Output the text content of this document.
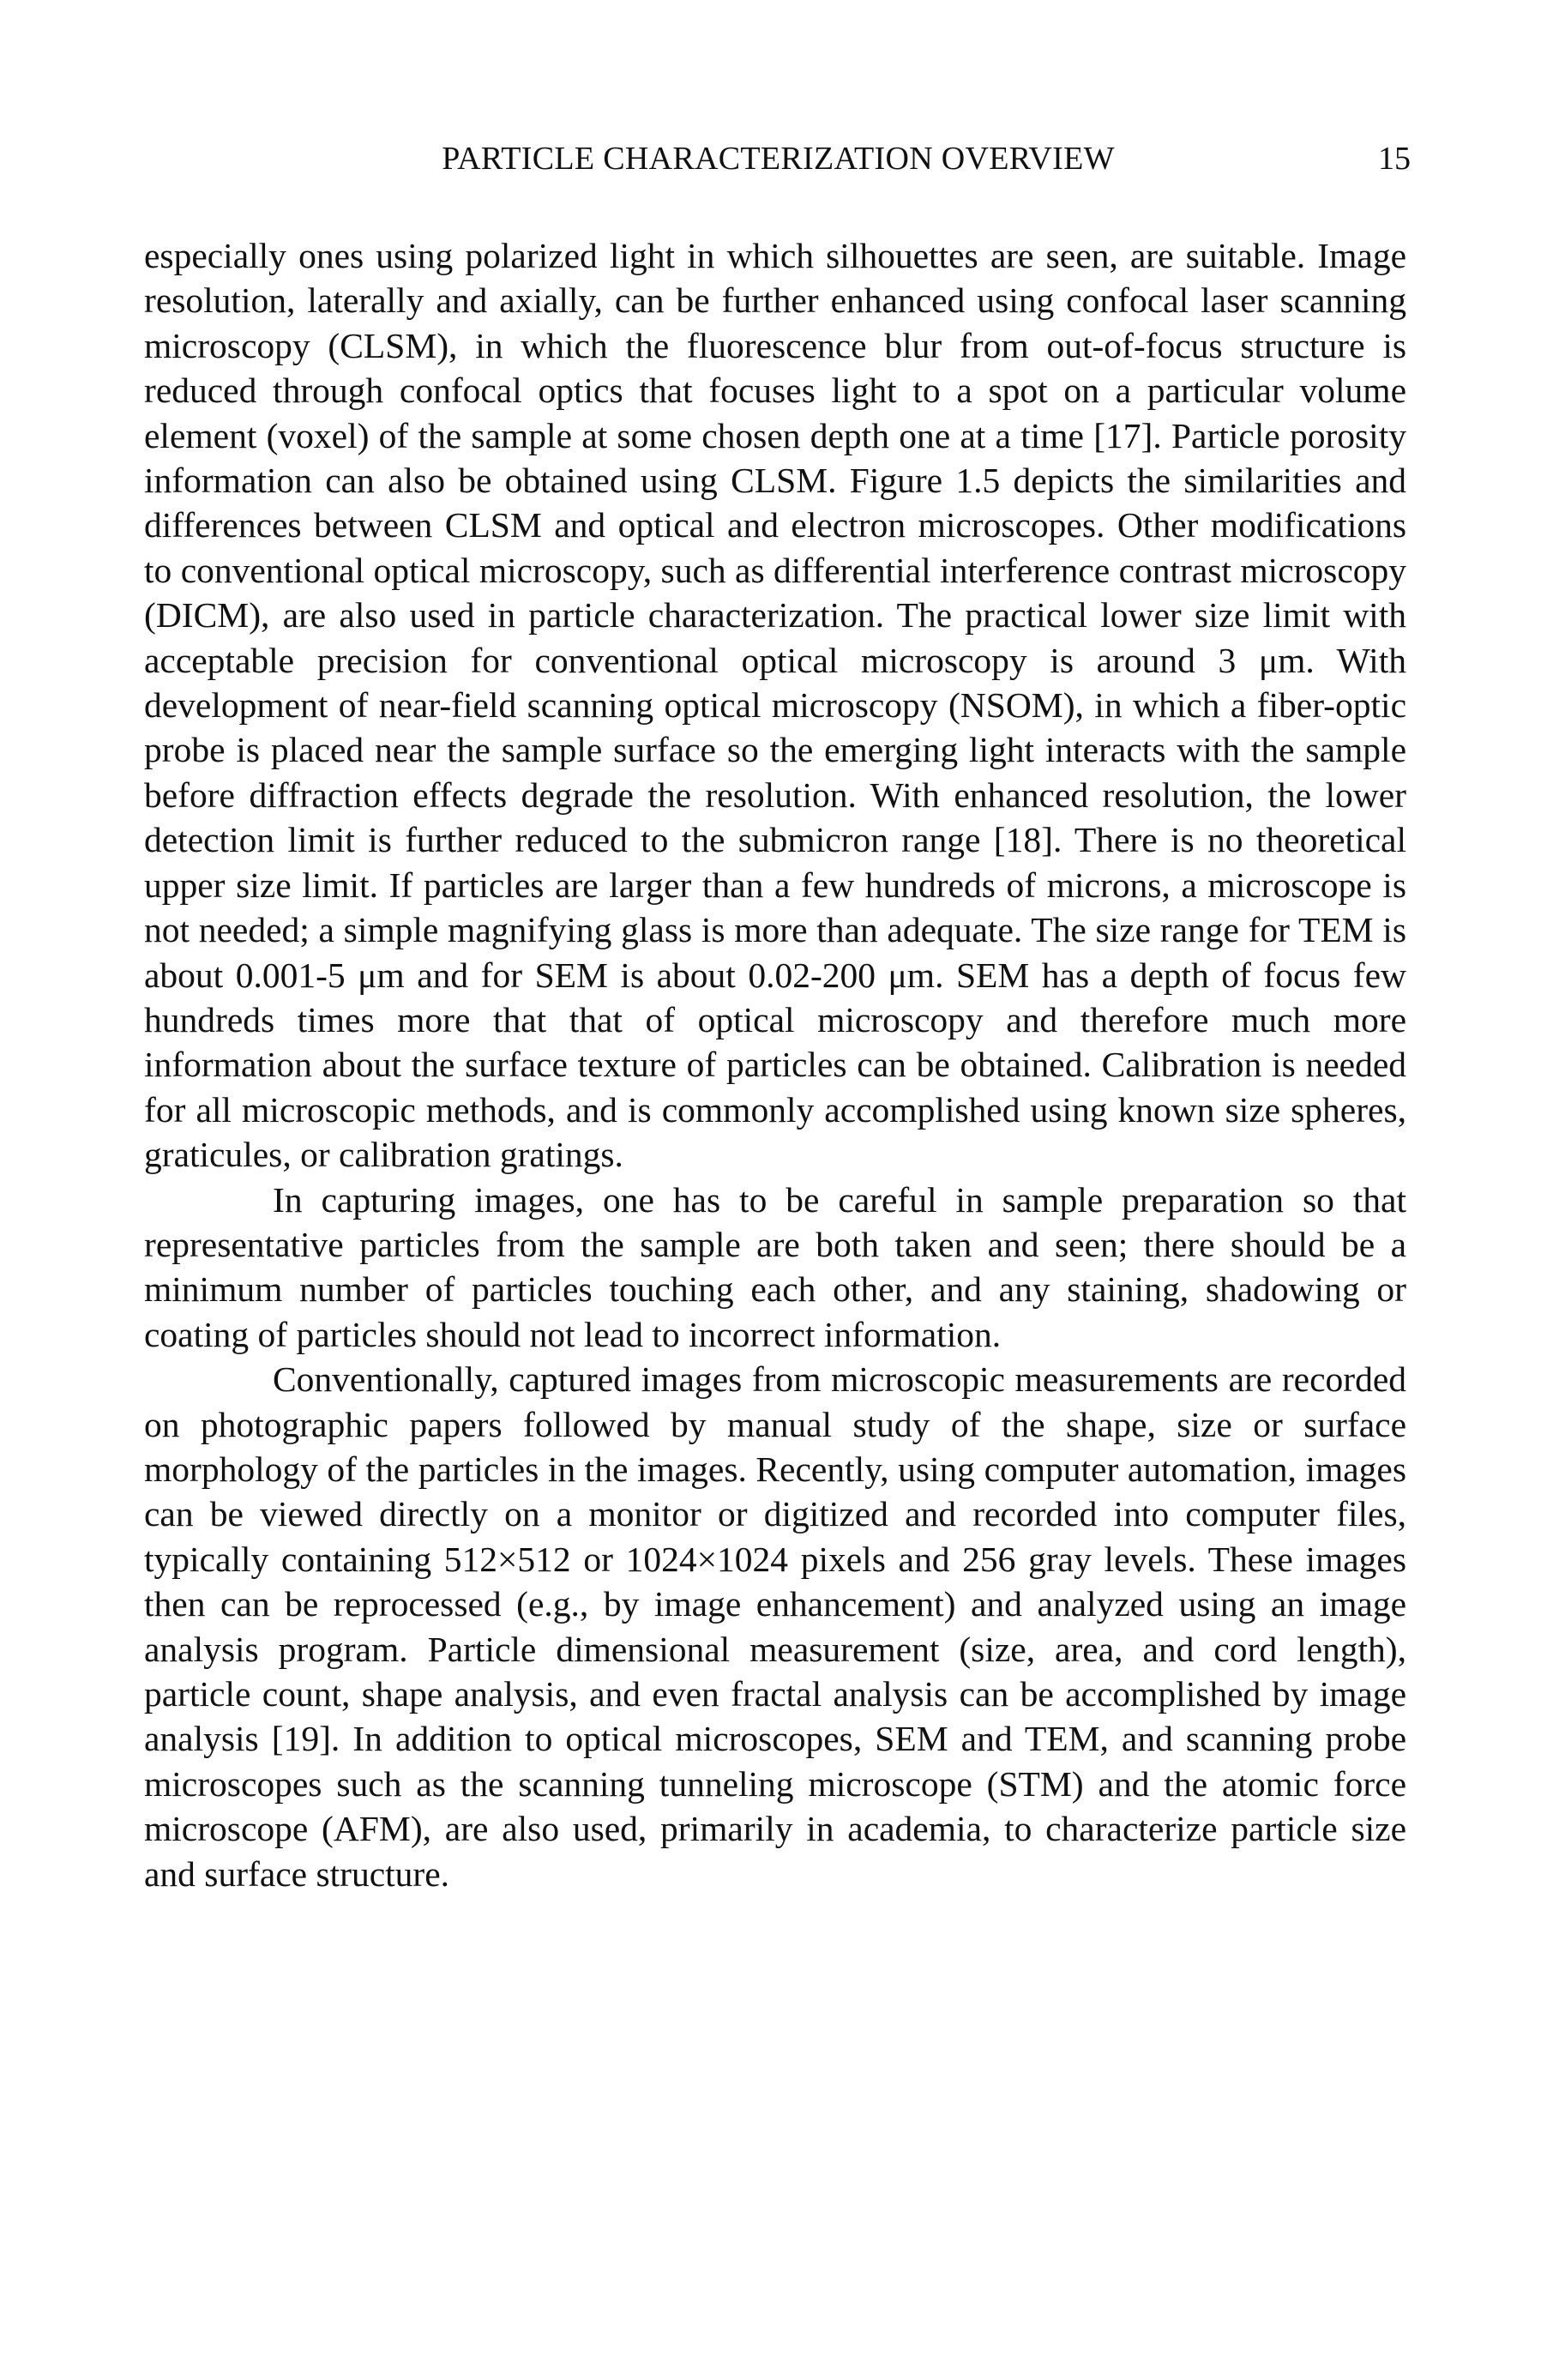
PARTICLE CHARACTERIZATION OVERVIEW	15

especially ones using polarized light in which silhouettes are seen, are suitable. Image resolution, laterally and axially, can be further enhanced using confocal laser scanning microscopy (CLSM), in which the fluorescence blur from out-of-focus structure is reduced through confocal optics that focuses light to a spot on a particular volume element (voxel) of the sample at some chosen depth one at a time [17]. Particle porosity information can also be obtained using CLSM. Figure 1.5 depicts the similarities and differences between CLSM and optical and electron microscopes. Other modifications to conventional optical microscopy, such as differential interference contrast microscopy (DICM), are also used in particle characterization. The practical lower size limit with acceptable precision for conventional optical microscopy is around 3 μm. With development of near-field scanning optical microscopy (NSOM), in which a fiber-optic probe is placed near the sample surface so the emerging light interacts with the sample before diffraction effects degrade the resolution. With enhanced resolution, the lower detection limit is further reduced to the submicron range [18]. There is no theoretical upper size limit. If particles are larger than a few hundreds of microns, a microscope is not needed; a simple magnifying glass is more than adequate. The size range for TEM is about 0.001-5 μm and for SEM is about 0.02-200 μm. SEM has a depth of focus few hundreds times more that that of optical microscopy and therefore much more information about the surface texture of particles can be obtained. Calibration is needed for all microscopic methods, and is commonly accomplished using known size spheres, graticules, or calibration gratings.

In capturing images, one has to be careful in sample preparation so that representative particles from the sample are both taken and seen; there should be a minimum number of particles touching each other, and any staining, shadowing or coating of particles should not lead to incorrect information.

Conventionally, captured images from microscopic measurements are recorded on photographic papers followed by manual study of the shape, size or surface morphology of the particles in the images. Recently, using computer automation, images can be viewed directly on a monitor or digitized and recorded into computer files, typically containing 512×512 or 1024×1024 pixels and 256 gray levels. These images then can be reprocessed (e.g., by image enhancement) and analyzed using an image analysis program. Particle dimensional measurement (size, area, and cord length), particle count, shape analysis, and even fractal analysis can be accomplished by image analysis [19]. In addition to optical microscopes, SEM and TEM, and scanning probe microscopes such as the scanning tunneling microscope (STM) and the atomic force microscope (AFM), are also used, primarily in academia, to characterize particle size and surface structure.
